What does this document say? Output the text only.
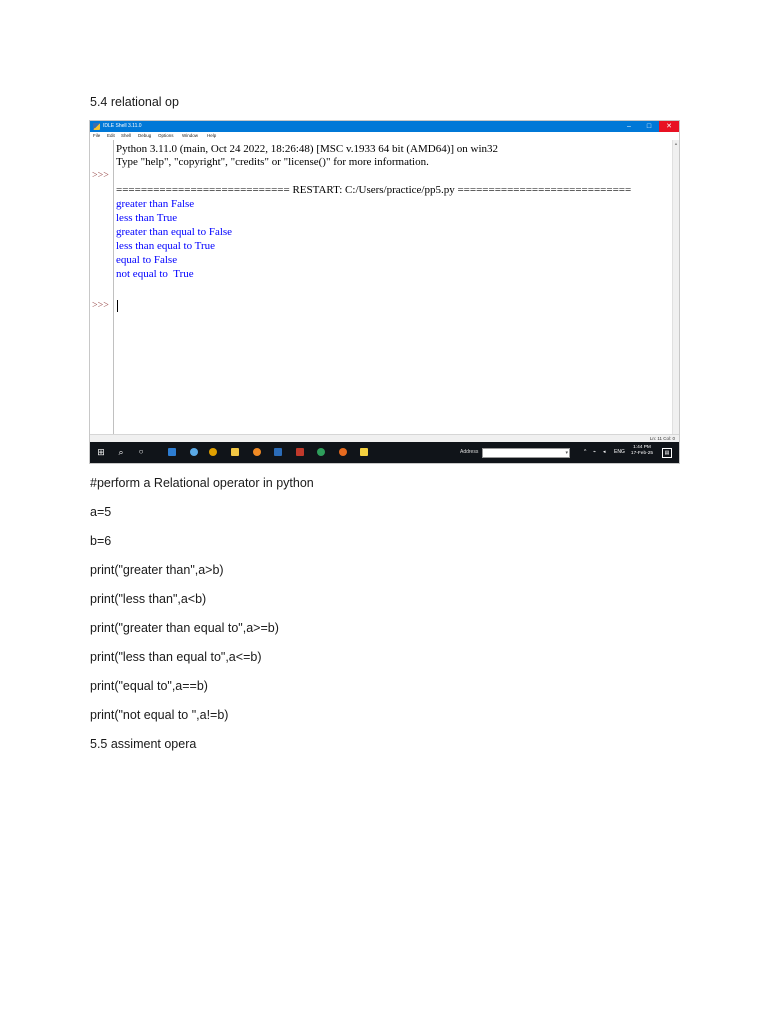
5.4 relational op
IDLE Shell 3.11.0	–	□	✕
File Edit Shell Debug Options Window Help
>>>
>>>
Python 3.11.0 (main, Oct 24 2022, 18:26:48) [MSC v.1933 64 bit (AMD64)] on win32
Type "help", "copyright", "credits" or "license()" for more information.
============================ RESTART: C:/Users/practice/pp5.py ============================
greater than False
less than True
greater than equal to False
less than equal to True
equal to False
not equal to  True
▲
Ln: 11 Col: 0
⊞ ⌕	○	Address	▾	^ ⌁ ◂ ENG
1:44 PM
17-Feb-25	▤
#perform a Relational operator in python
a=5
b=6
print("greater than",a>b)
print("less than",a<b)
print("greater than equal to",a>=b)
print("less than equal to",a<=b)
print("equal to",a==b)
print("not equal to ",a!=b)
5.5 assiment opera
